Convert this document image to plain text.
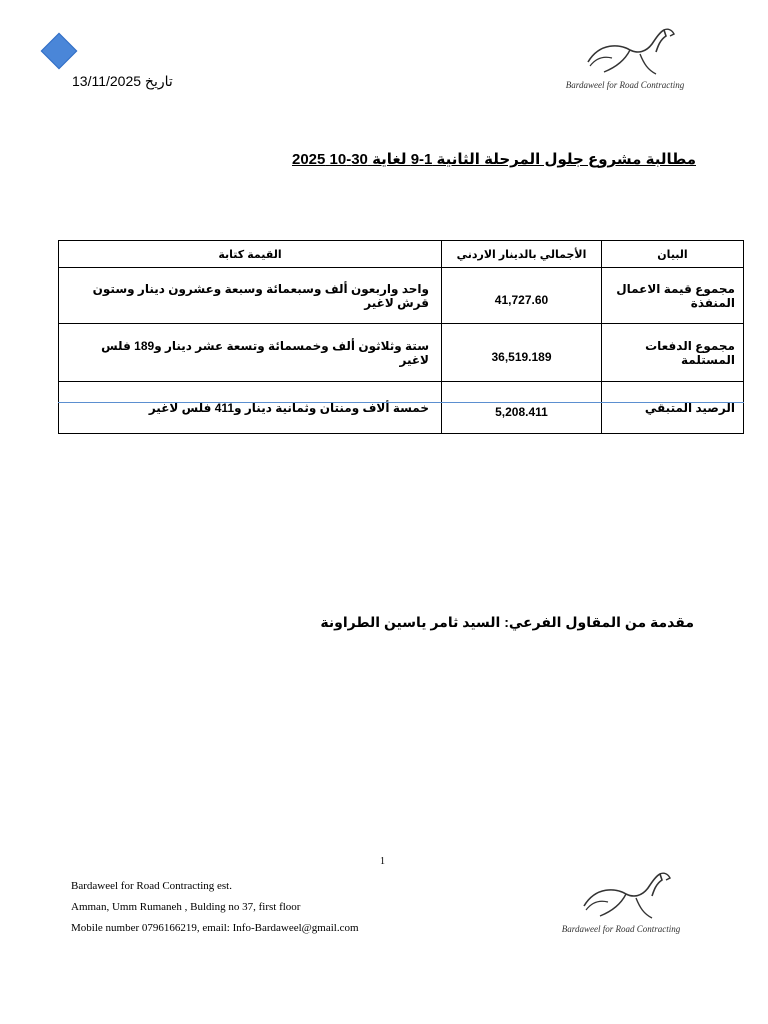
تاريخ 13/11/2025	Bardaweel for Road Contracting
مطالبة مشروع جلول المرحلة الثانية 1-9 لغاية 30-10 2025
البيان	الأجمالي بالدينار الاردني	القيمة كتابة
مجموع قيمة الاعمال المنفذة	41,727.60	واحد واربعون ألف وسبعمائة وسبعة وعشرون دينار وستون قرش لاغير
مجموع الدفعات المستلمة	36,519.189	ستة وثلاثون ألف وخمسمائة وتسعة عشر دينار و189 فلس لاغير
الرصيد المتبقي	5,208.411	خمسة ألاف ومنتان وثمانية دينار و411 فلس لاغير
مقدمة من المقاول الفرعي: السيد ثامر ياسين الطراونة
1
Bardaweel for Road Contracting est.
Amman, Umm Rumaneh , Bulding no 37, first floor
Mobile number 0796166219, email: Info-Bardaweel@gmail.com	Bardaweel for Road Contracting
